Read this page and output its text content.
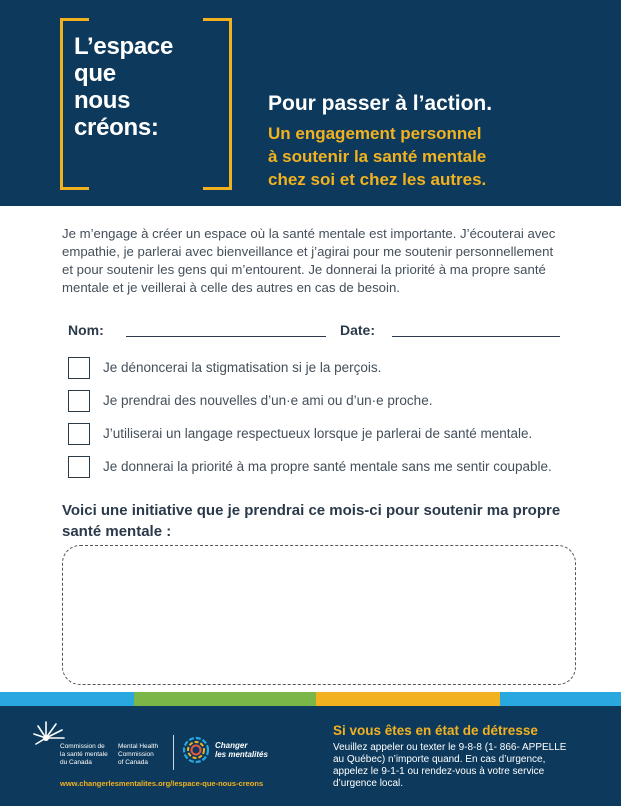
L’espace
que
nous
créons:
Pour passer à l’action.
Un engagement personnel
à soutenir la santé mentale
chez soi et chez les autres.

Je m’engage à créer un espace où la santé mentale est importante. J’écouterai avec empathie, je parlerai avec bienveillance et j’agirai pour me soutenir personnellement et pour soutenir les gens qui m’entourent. Je donnerai la priorité à ma propre santé mentale et je veillerai à celle des autres en cas de besoin.

Nom:	Date:
Je dénoncerai la stigmatisation si je la perçois.
Je prendrai des nouvelles d’un·e ami ou d’un·e proche.
J’utiliserai un langage respectueux lorsque je parlerai de santé mentale.
Je donnerai la priorité à ma propre santé mentale sans me sentir coupable.

Voici une initiative que je prendrai ce mois-ci pour soutenir ma propre santé mentale :

Commission de
la santé mentale
du Canada
Mental Health
Commission
of Canada
Changer
les mentalités
www.changerlesmentalites.org/lespace-que-nous-creons
Si vous êtes en état de détresse

Veuillez appeler ou texter le 9-8-8 (1- 866- APPELLE au Québec) n’importe quand. En cas d’urgence, appelez le 9-1-1 ou rendez-vous à votre service d’urgence local.
